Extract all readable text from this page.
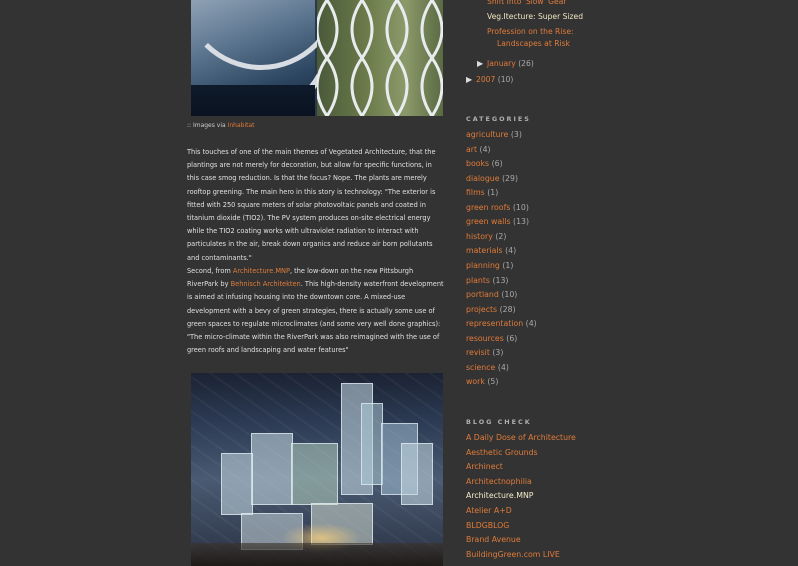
:: Images via Inhabitat
This touches of one of the main themes of Vegetated Architecture, that the plantings are not merely for decoration, but allow for specific functions, in this case smog reduction. Is that the focus? Nope. The plants are merely rooftop greening. The main hero in this story is technology: "The exterior is fitted with 250 square meters of solar photovoltaic panels and coated in titanium dioxide (TIO2). The PV system produces on-site electrical energy while the TIO2 coating works with ultraviolet radiation to interact with particulates in the air, break down organics and reduce air born pollutants and contaminants."
Second, from Architecture.MNP, the low-down on the new Pittsburgh RiverPark by Behnisch Architekten. This high-density waterfront development is aimed at infusing housing into the downtown core. A mixed-use development with a bevy of green strategies, there is actually some use of green spaces to regulate microclimates (and some very well done graphics): "The micro-climate within the RiverPark was also reimagined with the use of green roofs and landscaping and water features"
Shift Into 'Slow' Gear
Veg.Itecture: Super Sized
Profession on the Rise:
Landscapes at Risk
▶ January (26)
▶ 2007 (10)
CATEGORIES
agriculture (3)
art (4)
books (6)
dialogue (29)
films (1)
green roofs (10)
green walls (13)
history (2)
materials (4)
planning (1)
plants (13)
portland (10)
projects (28)
representation (4)
resources (6)
revisit (3)
science (4)
work (5)
BLOG CHECK
A Daily Dose of Architecture
Aesthetic Grounds
Archinect
Architectnophilia
Architecture.MNP
Atelier A+D
BLDGBLOG
Brand Avenue
BuildingGreen.com LIVE
